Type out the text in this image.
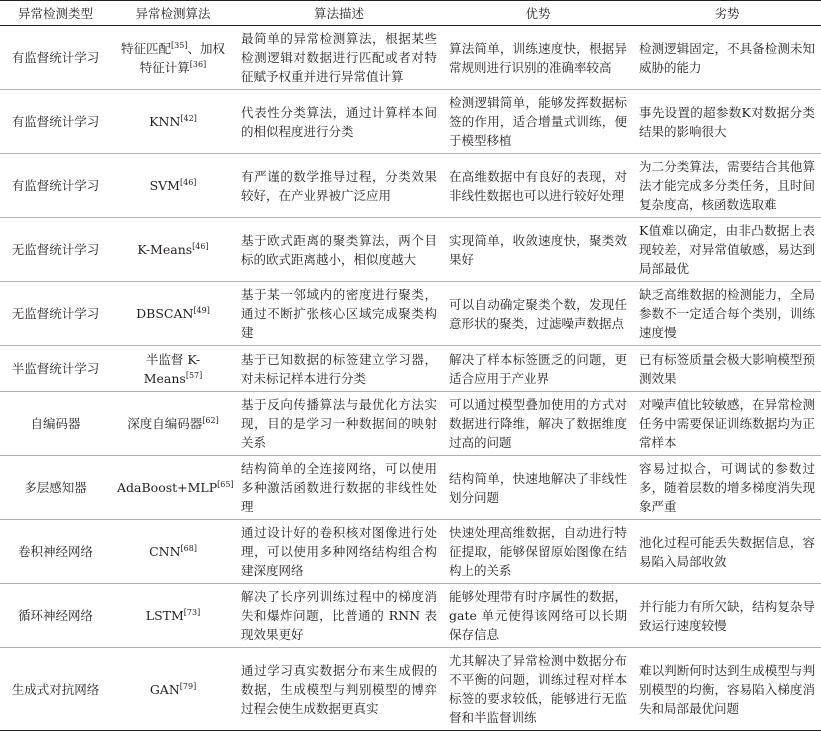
异常检测类型	异常检测算法	算法描述	优势	劣势
有监督统计学习	特征匹配[35]、加权特征计算[36]	最简单的异常检测算法，根据某些检测逻辑对数据进行匹配或者对特征赋予权重并进行异常值计算	算法简单，训练速度快，根据异常规则进行识别的准确率较高	检测逻辑固定，不具备检测未知威胁的能力
有监督统计学习	KNN[42]	代表性分类算法，通过计算样本间的相似程度进行分类	检测逻辑简单，能够发挥数据标签的作用，适合增量式训练，便于模型移植	事先设置的超参数K对数据分类结果的影响很大
有监督统计学习	SVM[46]	有严谨的数学推导过程，分类效果较好，在产业界被广泛应用	在高维数据中有良好的表现，对非线性数据也可以进行较好处理	为二分类算法，需要结合其他算法才能完成多分类任务，且时间复杂度高，核函数选取难
无监督统计学习	K-Means[46]	基于欧式距离的聚类算法，两个目标的欧式距离越小，相似度越大	实现简单，收敛速度快，聚类效果好	K值难以确定，由非凸数据上表现较差，对异常值敏感，易达到局部最优
无监督统计学习	DBSCAN[49]	基于某一邻域内的密度进行聚类，通过不断扩张核心区域完成聚类构建	可以自动确定聚类个数，发现任意形状的聚类，过滤噪声数据点	缺乏高维数据的检测能力，全局参数不一定适合每个类别，训练速度慢
半监督统计学习	半监督 K-Means[57]	基于已知数据的标签建立学习器，对未标记样本进行分类	解决了样本标签匮乏的问题，更适合应用于产业界	已有标签质量会极大影响模型预测效果
自编码器	深度自编码器[62]	基于反向传播算法与最优化方法实现，目的是学习一种数据间的映射关系	可以通过模型叠加使用的方式对数据进行降维，解决了数据维度过高的问题	对噪声值比较敏感，在异常检测任务中需要保证训练数据均为正常样本
多层感知器	AdaBoost+MLP[65]	结构简单的全连接网络，可以使用多种激活函数进行数据的非线性处理	结构简单，快速地解决了非线性划分问题	容易过拟合，可调试的参数过多，随着层数的增多梯度消失现象严重
卷积神经网络	CNN[68]	通过设计好的卷积核对图像进行处理，可以使用多种网络结构组合构建深度网络	快速处理高维数据，自动进行特征提取，能够保留原始图像在结构上的关系	池化过程可能丢失数据信息，容易陷入局部收敛
循环神经网络	LSTM[73]	解决了长序列训练过程中的梯度消失和爆炸问题，比普通的 RNN 表现效果更好	能够处理带有时序属性的数据，gate 单元使得该网络可以长期保存信息	并行能力有所欠缺，结构复杂导致运行速度较慢
生成式对抗网络	GAN[79]	通过学习真实数据分布来生成假的数据，生成模型与判别模型的博弈过程会使生成数据更真实	尤其解决了异常检测中数据分布不平衡的问题，训练过程对样本标签的要求较低，能够进行无监督和半监督训练	难以判断何时达到生成模型与判别模型的均衡，容易陷入梯度消失和局部最优问题
